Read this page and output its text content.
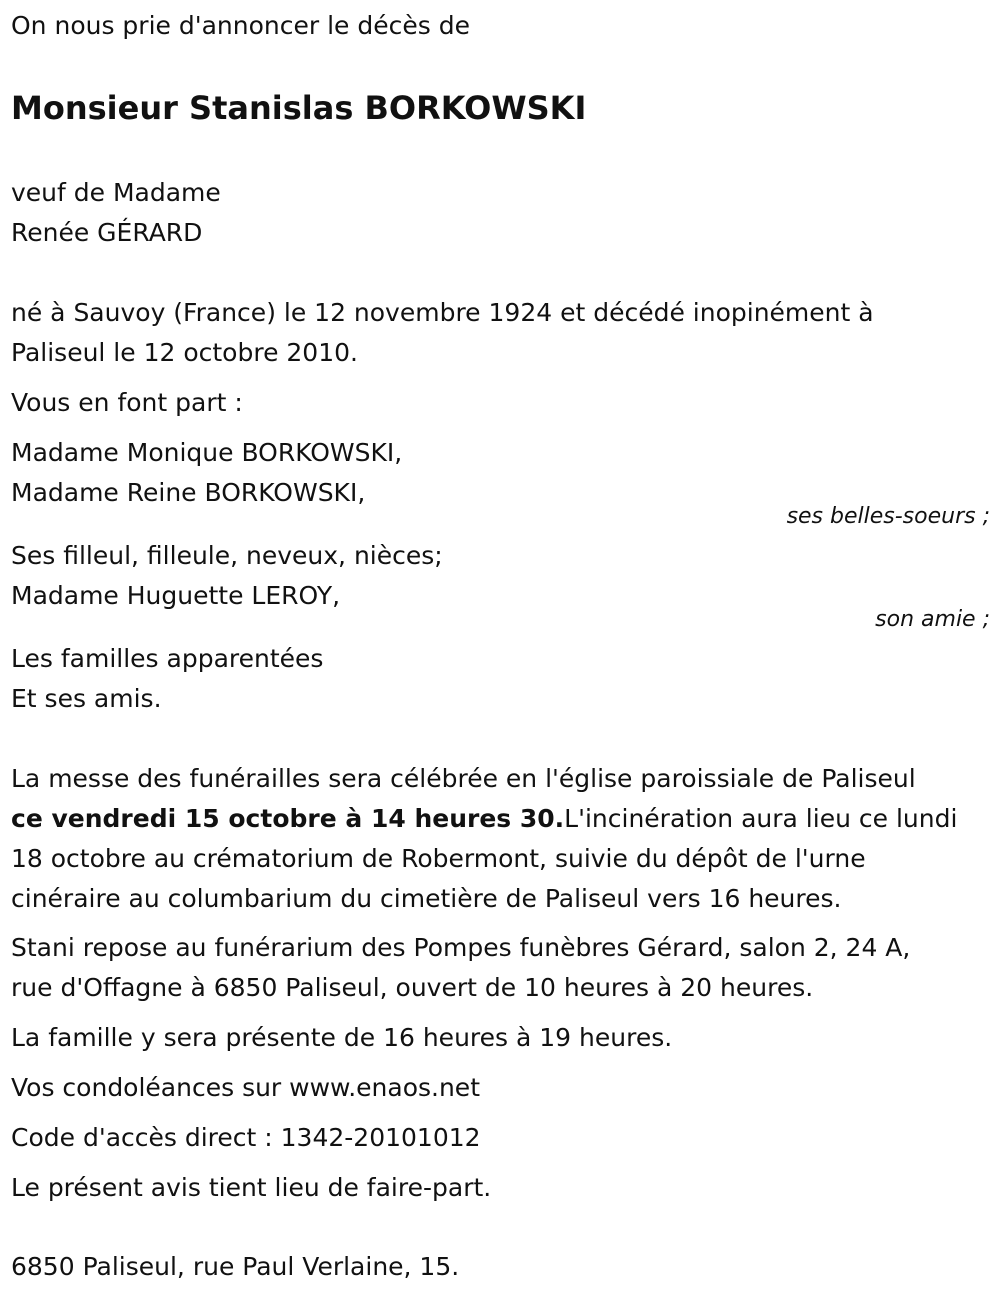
On nous prie d'annoncer le décès de

Monsieur Stanislas BORKOWSKI

veuf de Madame

Renée GÉRARD

né à Sauvoy (France) le 12 novembre 1924 et décédé inopinément à

Paliseul le 12 octobre 2010.

Vous en font part :

Madame Monique BORKOWSKI,

Madame Reine BORKOWSKI,

ses belles-soeurs ;

Ses filleul, filleule, neveux, nièces;

Madame Huguette LEROY,

son amie ;

Les familles apparentées

Et ses amis.

La messe des funérailles sera célébrée en l'église paroissiale de Paliseul

ce vendredi 15 octobre à 14 heures 30.L'incinération aura lieu ce lundi

18 octobre au crématorium de Robermont, suivie du dépôt de l'urne

cinéraire au columbarium du cimetière de Paliseul vers 16 heures.

Stani repose au funérarium des Pompes funèbres Gérard, salon 2, 24 A,

rue d'Offagne à 6850 Paliseul, ouvert de 10 heures à 20 heures.

La famille y sera présente de 16 heures à 19 heures.

Vos condoléances sur www.enaos.net

Code d'accès direct : 1342-20101012

Le présent avis tient lieu de faire-part.

6850 Paliseul, rue Paul Verlaine, 15.
